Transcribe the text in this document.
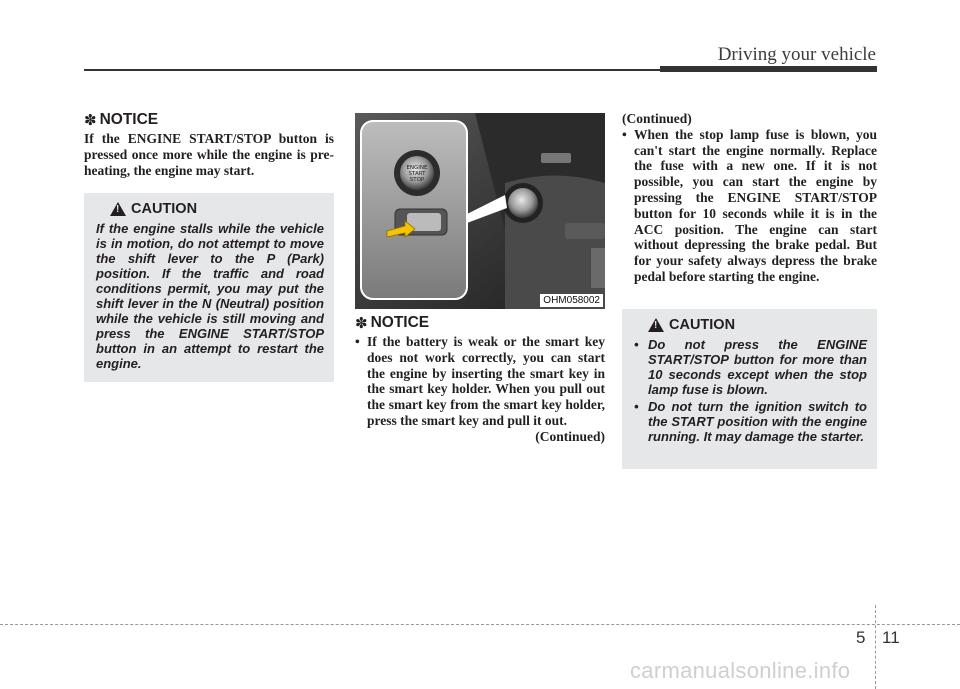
Driving your vehicle
✽ NOTICE

If the ENGINE START/STOP button is pressed once more while the engine is pre-heating, the engine may start.

!
CAUTION

If the engine stalls while the vehicle is in motion, do not attempt to move the shift lever to the P (Park) position. If the traffic and road conditions permit, you may put the shift lever in the N (Neutral) position while the vehicle is still moving and press the ENGINE START/STOP button in an attempt to restart the engine.

ENGINE
START
STOP
OHM058002
✽ NOTICE
• If the battery is weak or the smart key does not work correctly, you can start the engine by inserting the smart key in the smart key holder. When you pull out the smart key from the smart key holder, press the smart key and pull it out.

(Continued)

(Continued)

• When the stop lamp fuse is blown, you can't start the engine normally. Replace the fuse with a new one. If it is not possible, you can start the engine by pressing the ENGINE START/STOP button for 10 seconds while it is in the ACC position. The engine can start without depressing the brake pedal. But for your safety always depress the brake pedal before starting the engine.
!
CAUTION
• Do not press the ENGINE START/STOP button for more than 10 seconds except when the stop lamp fuse is blown.
• Do not turn the ignition switch to the START position with the engine running. It may damage the starter.
5 11
carmanualsonline.info
